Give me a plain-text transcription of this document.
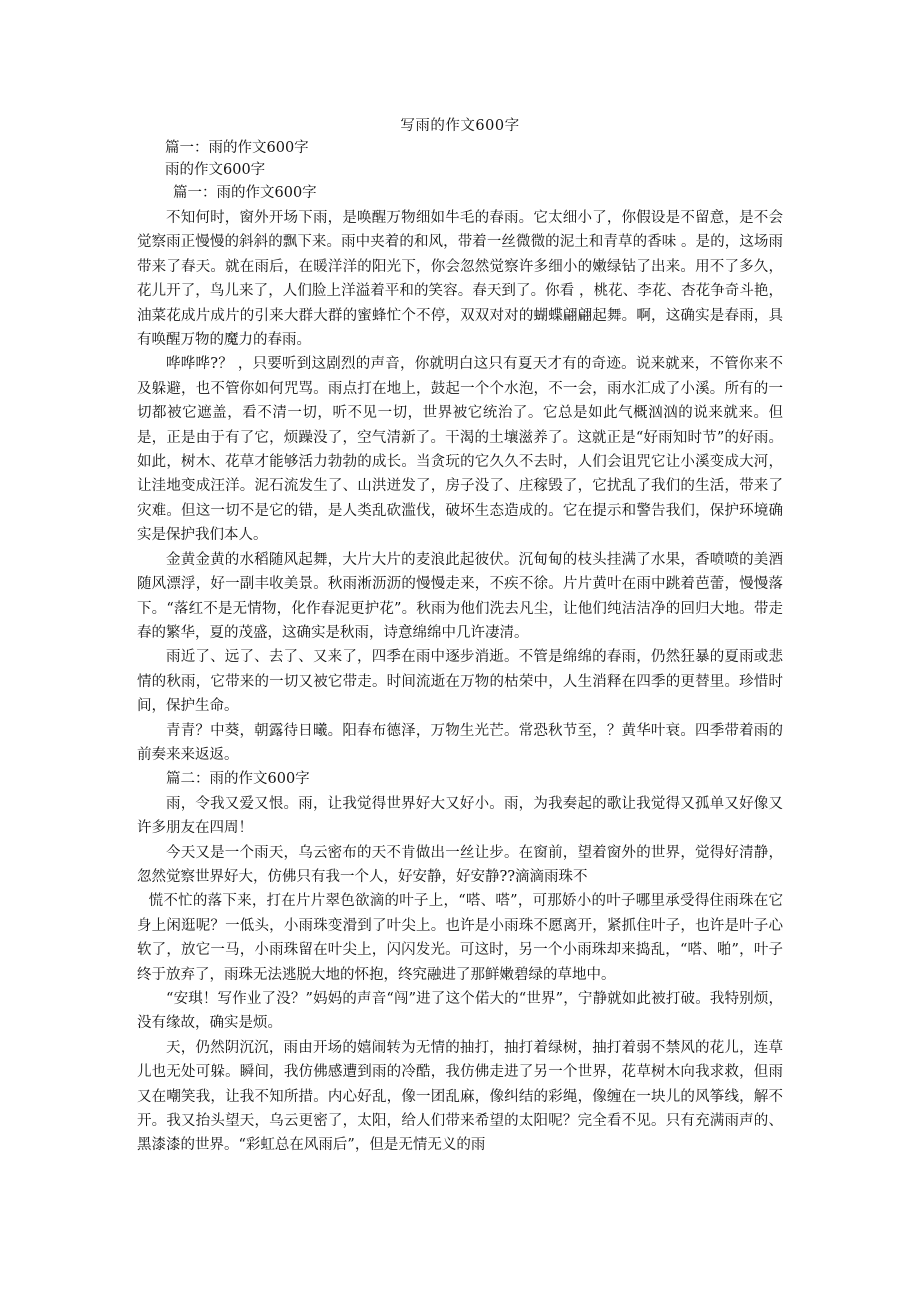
写雨的作文600字
篇一：雨的作文600字
雨的作文600字
篇一：雨的作文600字

不知何时，窗外开场下雨，是唤醒万物细如牛毛的春雨。它太细小了，你假设是不留意，是不会觉察雨正慢慢的斜斜的飘下来。雨中夹着的和风，带着一丝微微的泥土和青草的香味 。是的，这场雨带来了春天。就在雨后，在暖洋洋的阳光下，你会忽然觉察许多细小的嫩绿钻了出来。用不了多久，花儿开了，鸟儿来了，人们脸上洋溢着平和的笑容。春天到了。你看 ，桃花、李花、杏花争奇斗艳，油菜花成片成片的引来大群大群的蜜蜂忙个不停，双双对对的蝴蝶翩翩起舞。啊，这确实是春雨，具有唤醒万物的魔力的春雨。

哗哗哗?？ ，只要听到这剧烈的声音，你就明白这只有夏天才有的奇迹。说来就来，不管你来不及躲避，也不管你如何咒骂。雨点打在地上，鼓起一个个水泡，不一会，雨水汇成了小溪。所有的一切都被它遮盖，看不清一切，听不见一切，世界被它统治了。它总是如此气概汹汹的说来就来。但是，正是由于有了它，烦躁没了，空气清新了。干渴的土壤滋养了。这就正是“好雨知时节”的好雨。如此，树木、花草才能够活力勃勃的成长。当贪玩的它久久不去时，人们会诅咒它让小溪变成大河，让洼地变成汪洋。泥石流发生了、山洪迸发了，房子没了、庄稼毁了，它扰乱了我们的生活，带来了灾难。但这一切不是它的错，是人类乱砍滥伐，破坏生态造成的。它在提示和警告我们，保护环境确实是保护我们本人。

金黄金黄的水稻随风起舞，大片大片的麦浪此起彼伏。沉甸甸的枝头挂满了水果，香喷喷的美酒随风漂浮，好一副丰收美景。秋雨淅沥沥的慢慢走来，不疾不徐。片片黄叶在雨中跳着芭蕾，慢慢落下。“落红不是无情物，化作春泥更护花”。秋雨为他们洗去凡尘，让他们纯洁洁净的回归大地。带走春的繁华，夏的茂盛，这确实是秋雨，诗意绵绵中几许凄清。

雨近了、远了、去了、又来了，四季在雨中逐步消逝。不管是绵绵的春雨，仍然狂暴的夏雨或悲情的秋雨，它带来的一切又被它带走。时间流逝在万物的枯荣中，人生消释在四季的更替里。珍惜时间，保护生命。

青青？中葵，朝露待日曦。阳春布德泽，万物生光芒。常恐秋节至，？黄华叶衰。四季带着雨的前奏来来返返。

篇二：雨的作文600字

雨，令我又爱又恨。雨，让我觉得世界好大又好小。雨，为我奏起的歌让我觉得又孤单又好像又许多朋友在四周！

今天又是一个雨天，乌云密布的天不肯做出一丝让步。在窗前，望着窗外的世界，觉得好清静，忽然觉察世界好大，仿佛只有我一个人，好安静，好安静??滴滴雨珠不

慌不忙的落下来，打在片片翠色欲滴的叶子上，“嗒、嗒”，可那娇小的叶子哪里承受得住雨珠在它身上闲逛呢？一低头，小雨珠变滑到了叶尖上。也许是小雨珠不愿离开，紧抓住叶子，也许是叶子心软了，放它一马，小雨珠留在叶尖上，闪闪发光。可这时，另一个小雨珠却来捣乱，“嗒、啪”，叶子终于放弃了，雨珠无法逃脱大地的怀抱，终究融进了那鲜嫩碧绿的草地中。

“安琪！写作业了没？”妈妈的声音“闯”进了这个偌大的“世界”，宁静就如此被打破。我特别烦，没有缘故，确实是烦。

天，仍然阴沉沉，雨由开场的嬉闹转为无情的抽打，抽打着绿树，抽打着弱不禁风的花儿，连草儿也无处可躲。瞬间，我仿佛感遭到雨的冷酷，我仿佛走进了另一个世界，花草树木向我求救，但雨又在嘲笑我，让我不知所措。内心好乱，像一团乱麻，像纠结的彩绳，像缠在一块儿的风筝线，解不开。我又抬头望天，乌云更密了，太阳，给人们带来希望的太阳呢？完全看不见。只有充满雨声的、黑漆漆的世界。“彩虹总在风雨后”，但是无情无义的雨
